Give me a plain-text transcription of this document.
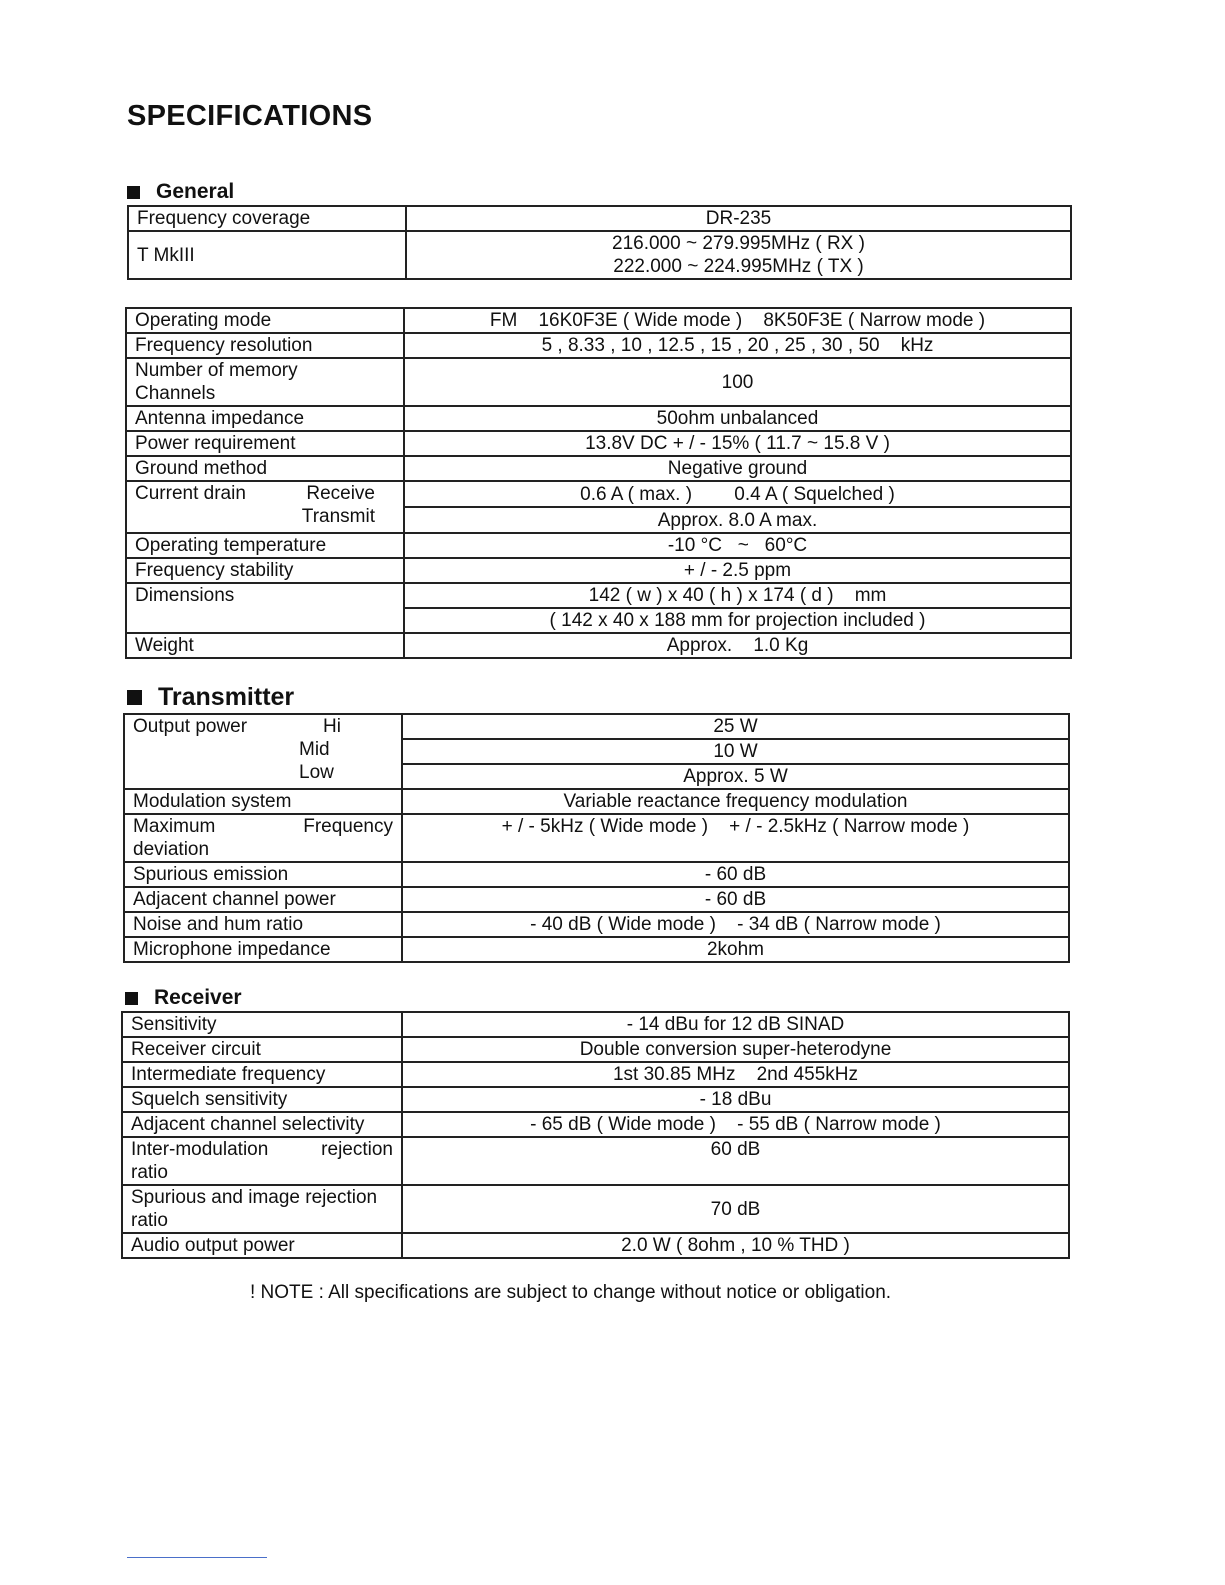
SPECIFICATIONS
General
Frequency coverage	DR-235
T MkIII	216.000 ~ 279.995MHz ( RX )
222.000 ~ 224.995MHz ( TX )
Operating mode	FM    16K0F3E ( Wide mode )    8K50F3E ( Narrow mode )
Frequency resolution	5 , 8.33 , 10 , 12.5 , 15 , 20 , 25 , 30 , 50    kHz

Number of memory
Channels	100
Antenna impedance	50ohm unbalanced
Power requirement	13.8V DC + / - 15% ( 11.7 ~ 15.8 V )
Ground method	Negative ground

Current drain Receive
Transmit	0.6 A ( max. )        0.4 A ( Squelched )
	Approx. 8.0 A max.
Operating temperature	-10 °C   ~   60°C
Frequency stability	+ / - 2.5 ppm
Dimensions	142 ( w ) x 40 ( h ) x 174 ( d )    mm
	( 142 x 40 x 188 mm for projection included )
Weight	Approx.    1.0 Kg
Transmitter
Output power Hi
Mid
Low	25 W
	10 W
	Approx. 5 W
Modulation system	Variable reactance frequency modulation

Maximum Frequency
deviation	+ / - 5kHz ( Wide mode )    + / - 2.5kHz ( Narrow mode )
Spurious emission	- 60 dB
Adjacent channel power	- 60 dB
Noise and hum ratio	- 40 dB ( Wide mode )    - 34 dB ( Narrow mode )
Microphone impedance	2kohm
Receiver
Sensitivity	- 14 dBu for 12 dB SINAD
Receiver circuit	Double conversion super-heterodyne
Intermediate frequency	1st 30.85 MHz    2nd 455kHz
Squelch sensitivity	- 18 dBu
Adjacent channel selectivity	- 65 dB ( Wide mode )    - 55 dB ( Narrow mode )

Inter-modulation rejection
ratio	60 dB

Spurious and image rejection
ratio	70 dB
Audio output power	2.0 W ( 8ohm , 10 % THD )
! NOTE : All specifications are subject to change without notice or obligation.
